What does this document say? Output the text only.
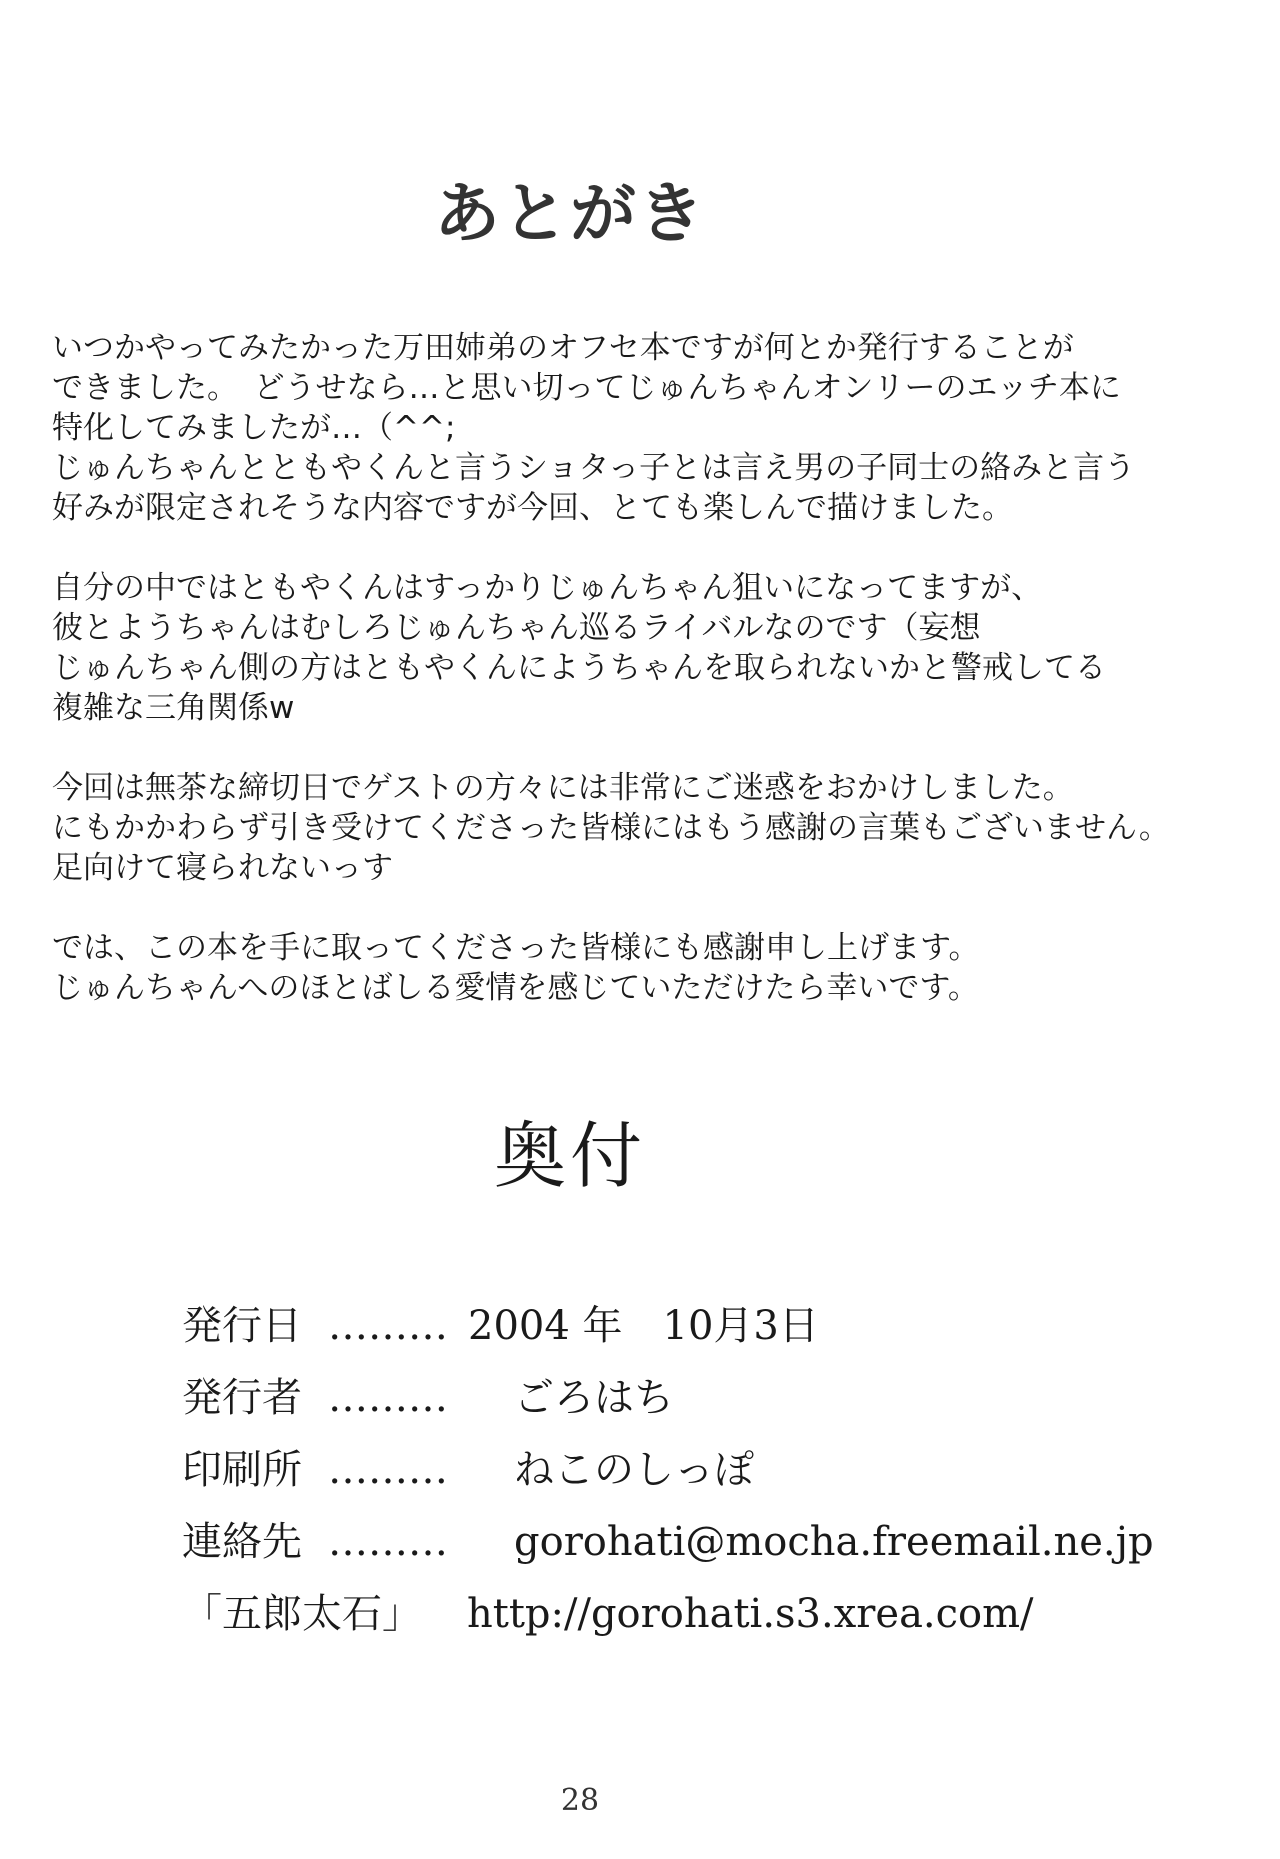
あとがき
いつかやってみたかった万田姉弟のオフセ本ですが何とか発行することが
できました。　どうせなら…と思い切ってじゅんちゃんオンリーのエッチ本に
特化してみましたが…（^^;
じゅんちゃんとともやくんと言うショタっ子とは言え男の子同士の絡みと言う
好みが限定されそうな内容ですが今回、とても楽しんで描けました。
自分の中ではともやくんはすっかりじゅんちゃん狙いになってますが、
彼とようちゃんはむしろじゅんちゃん巡るライバルなのです（妄想
じゅんちゃん側の方はともやくんにようちゃんを取られないかと警戒してる
複雑な三角関係w
今回は無茶な締切日でゲストの方々には非常にご迷惑をおかけしました。
にもかかわらず引き受けてくださった皆様にはもう感謝の言葉もございません。
足向けて寝られないっす
では、この本を手に取ってくださった皆様にも感謝申し上げます。
じゅんちゃんへのほとばしる愛情を感じていただけたら幸いです。
奥付
発行日 ……… 2004 年　10月3日
発行者 ……… ごろはち
印刷所 ……… ねこのしっぽ
連絡先 ……… gorohati@mocha.freemail.ne.jp
「五郎太石」 http://gorohati.s3.xrea.com/
28
